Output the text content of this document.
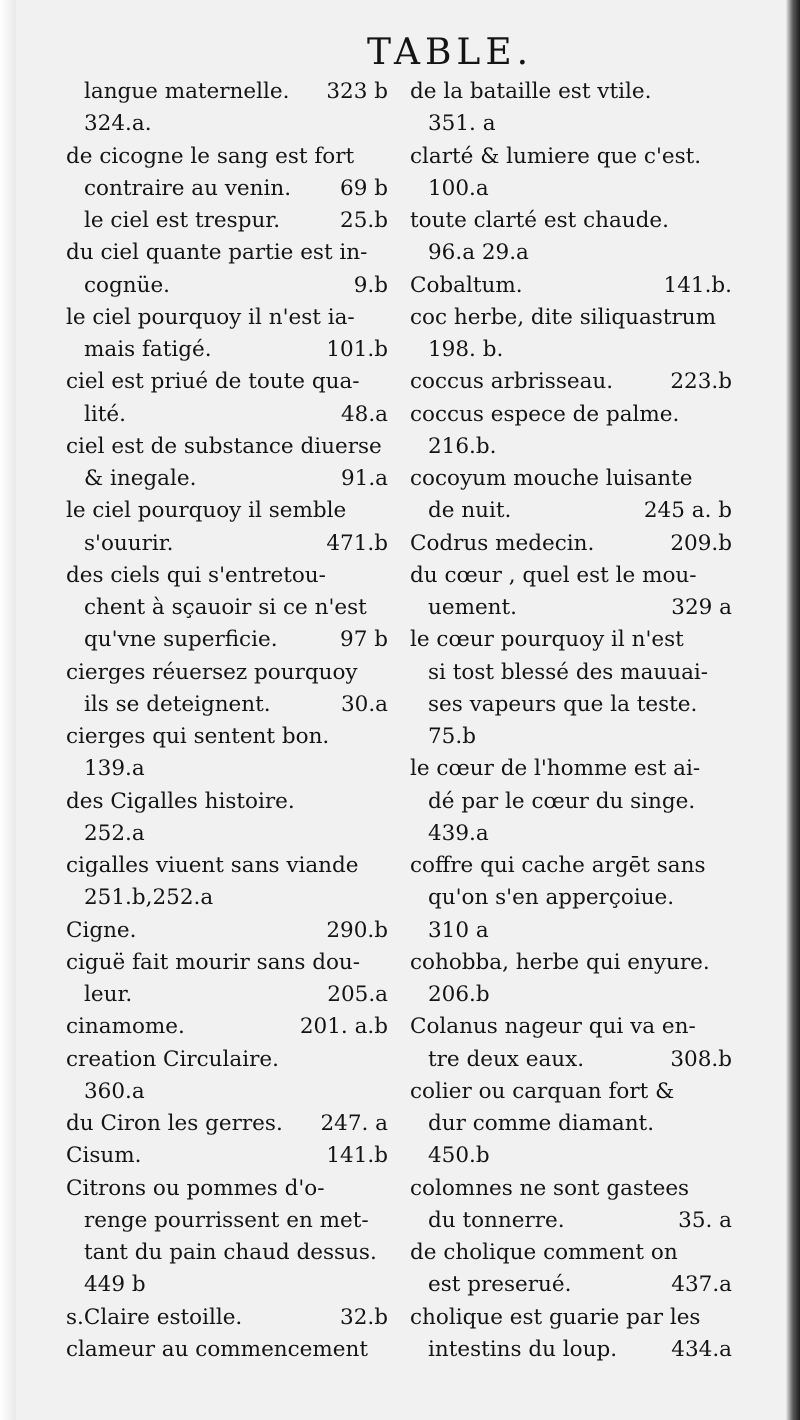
TABLE.
langue maternelle. 323 b
324.a.
de cicogne le sang est fort
contraire au venin. 69 b
le ciel est trespur.	25.b
du ciel quante partie est in-
cognüe.	9.b
le ciel pourquoy il n'est ia-
mais fatigé.	101.b
ciel est priué de toute qua-
lité.	48.a
ciel est de substance diuerse
& inegale.	91.a
le ciel pourquoy il semble
s'ouurir.	471.b
des ciels qui s'entretou-
chent à sçauoir si ce n'est
qu'vne superficie.	97 b
cierges réuersez pourquoy
ils se deteignent.	30.a
cierges qui sentent bon.
139.a
des Cigalles histoire.
252.a
cigalles viuent sans viande
251.b,252.a
Cigne.	290.b
ciguë fait mourir sans dou-
leur.	205.a
cinamome.	201. a.b
creation Circulaire.
360.a
du Ciron les gerres. 247. a
Cisum.	141.b
Citrons ou pommes d'o-
renge pourrissent en met-
tant du pain chaud dessus.
449 b
s.Claire estoille.	32.b
clameur au commencement
de la bataille est vtile.
351. a
clarté & lumiere que c'est.
100.a
toute clarté est chaude.
96.a 29.a
Cobaltum.	141.b.
coc herbe, dite siliquastrum
198. b.
coccus arbrisseau.	223.b
coccus espece de palme.
216.b.
cocoyum mouche luisante
de nuit.	245 a. b
Codrus medecin.	209.b
du cœur , quel est le mou-
uement.	329 a
le cœur pourquoy il n'est
si tost blessé des mauuai-
ses vapeurs que la teste.
75.b
le cœur de l'homme est ai-
dé par le cœur du singe.
439.a
coffre qui cache argēt sans
qu'on s'en apperçoiue.
310 a
cohobba, herbe qui enyure.
206.b
Colanus nageur qui va en-
tre deux eaux.	308.b
colier ou carquan fort &
dur comme diamant.
450.b
colomnes ne sont gastees
du tonnerre.	35. a
de cholique comment on
est preserué.	437.a
cholique est guarie par les
intestins du loup.	434.a
